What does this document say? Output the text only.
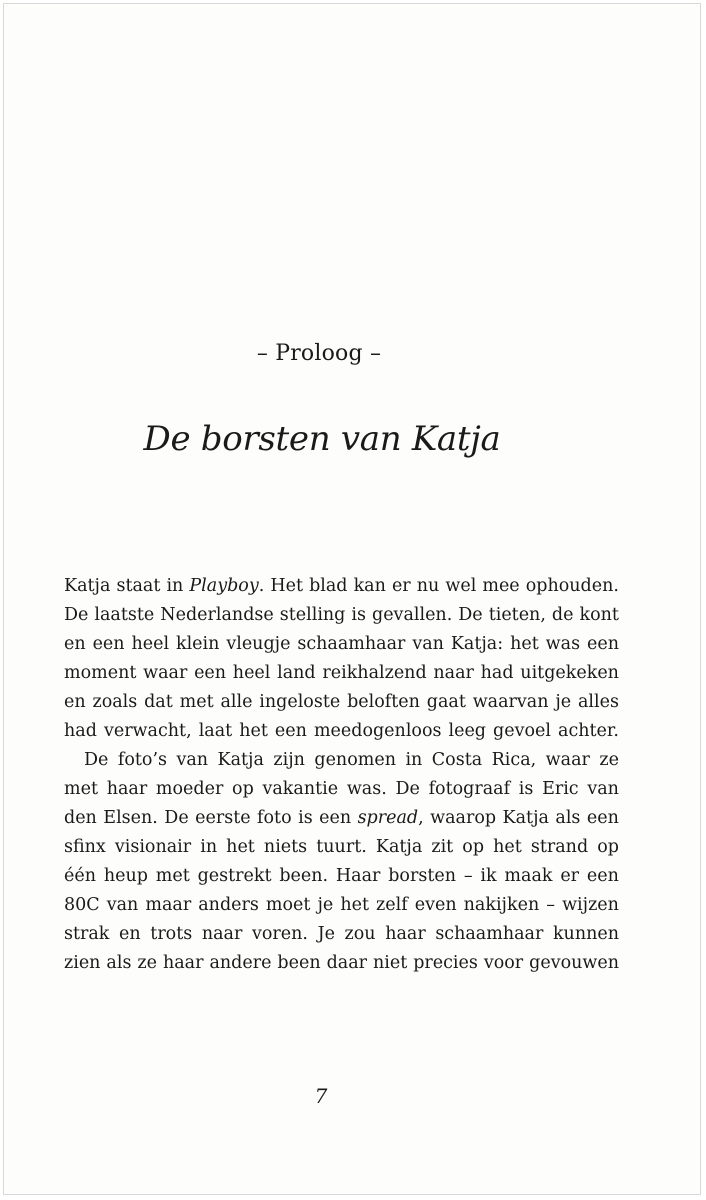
– Proloog –
De borsten van Katja
Katja staat in Playboy. Het blad kan er nu wel mee ophouden.
De laatste Nederlandse stelling is gevallen. De tieten, de kont
en een heel klein vleugje schaamhaar van Katja: het was een
moment waar een heel land reikhalzend naar had uitgekeken
en zoals dat met alle ingeloste beloften gaat waarvan je alles
had verwacht, laat het een meedogenloos leeg gevoel achter.
De foto’s van Katja zijn genomen in Costa Rica, waar ze
met haar moeder op vakantie was. De fotograaf is Eric van
den Elsen. De eerste foto is een spread, waarop Katja als een
sfinx visionair in het niets tuurt. Katja zit op het strand op
één heup met gestrekt been. Haar borsten – ik maak er een
80C van maar anders moet je het zelf even nakijken – wijzen
strak en trots naar voren. Je zou haar schaamhaar kunnen
zien als ze haar andere been daar niet precies voor gevouwen
7
